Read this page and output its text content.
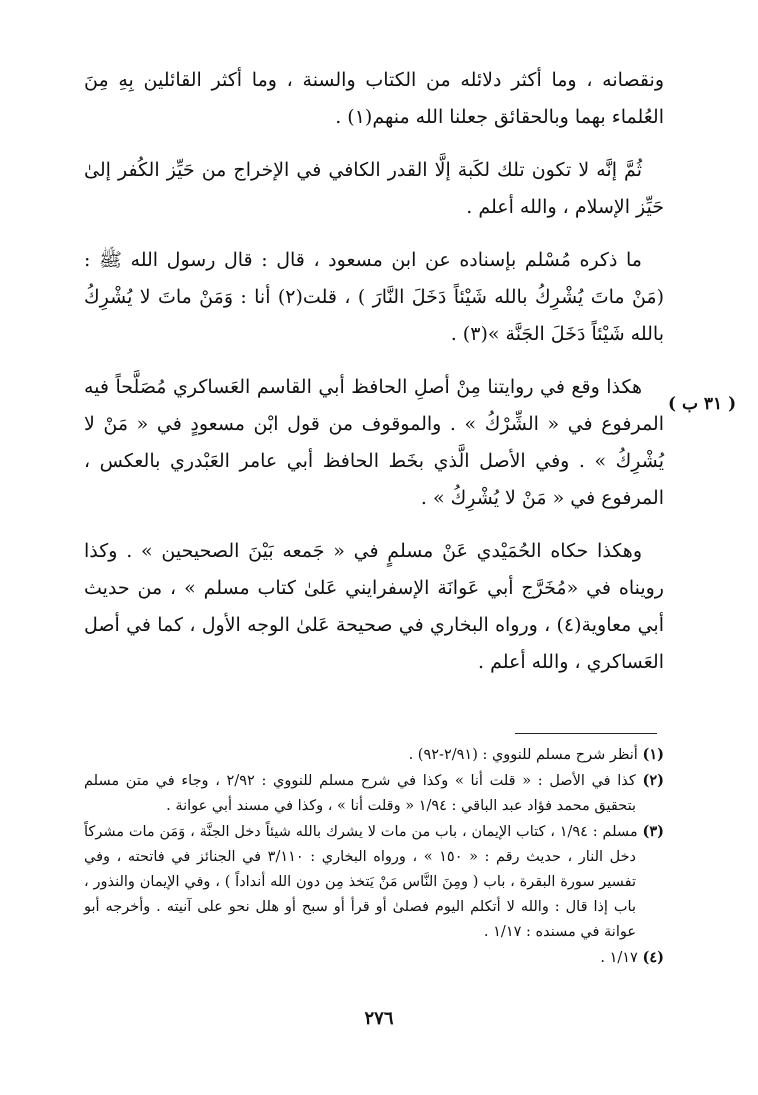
ونقصانه ، وما أكثر دلائله من الكتاب والسنة ، وما أكثر القائلين بِهِ مِنَ العُلماء بهما وبالحقائق جعلنا الله منهم(١) .

ثُمَّ إنَّه لا تكون تلك لكَبة إلَّا القدر الكافي في الإخراج من حَيِّز الكُفر إلىٰ حَيِّز الإسلام ، والله أعلم .

ما ذكره مُسْلم بإسناده عن ابن مسعود ، قال : قال رسول الله ﷺ : (مَنْ ماتَ يُشْرِكُ بالله شَيْئاً دَخَلَ النَّارَ ) ، قلت(٢) أنا : وَمَنْ ماتَ لا يُشْرِكُ بالله شَيْئاً دَخَلَ الجَنَّة »(٣) .

هكذا وقع في روايتنا مِنْ أصلِ الحافظ أبي القاسم العَساكري مُصَلَّحاً فيه المرفوع في « الشِّرْكُ » . والموقوف من قول ابْن مسعودٍ في « مَنْ لا يُشْرِكُ » . وفي الأصل الَّذي بخَط الحافظ أبي عامر العَبْدري بالعكس ، المرفوع في « مَنْ لا يُشْرِكُ » .

وهكذا حكاه الحُمَيْدي عَنْ مسلمٍ في « جَمعه بَيْنَ الصحيحين » . وكذا رويناه في «مُخَرَّج أبي عَوانَة الإسفرايني عَلىٰ كتاب مسلم » ، من حديث أبي معاوية(٤) ، ورواه البخاري في صحيحة عَلىٰ الوجه الأول ، كما في أصل العَساكري ، والله أعلم .

( ٣١ ب )

(١) أنظر شرح مسلم للنووي : (٢/٩١-٩٢) .

(٢) كذا في الأصل : « قلت أنا » وكذا في شرح مسلم للنووي : ٢/٩٢ ، وجاء في متن مسلم بتحقيق محمد فؤاد عبد الباقي : ١/٩٤ « وقلت أنا » ، وكذا في مسند أبي عوانة .

(٣) مسلم : ١/٩٤ ، كتاب الإيمان ، باب من مات لا يشرك بالله شيئاً دخل الجنَّة ، وَمَن مات مشركاً دخل النار ، حديث رقم : « ١٥٠ » ، ورواه البخاري : ٣/١١٠ في الجنائز في فاتحته ، وفي تفسير سورة البقرة ، باب ( ومِنَ النَّاس مَنْ يَتخذ مِن دون الله أنداداً ) ، وفي الإيمان والنذور ، باب إذا قال : والله لا أتكلم اليوم فصلىٰ أو قرأ أو سبح أو هلل نحو على آنيته . وأخرجه أبو عوانة في مسنده : ١/١٧ .

(٤) ١/١٧ .

٢٧٦
